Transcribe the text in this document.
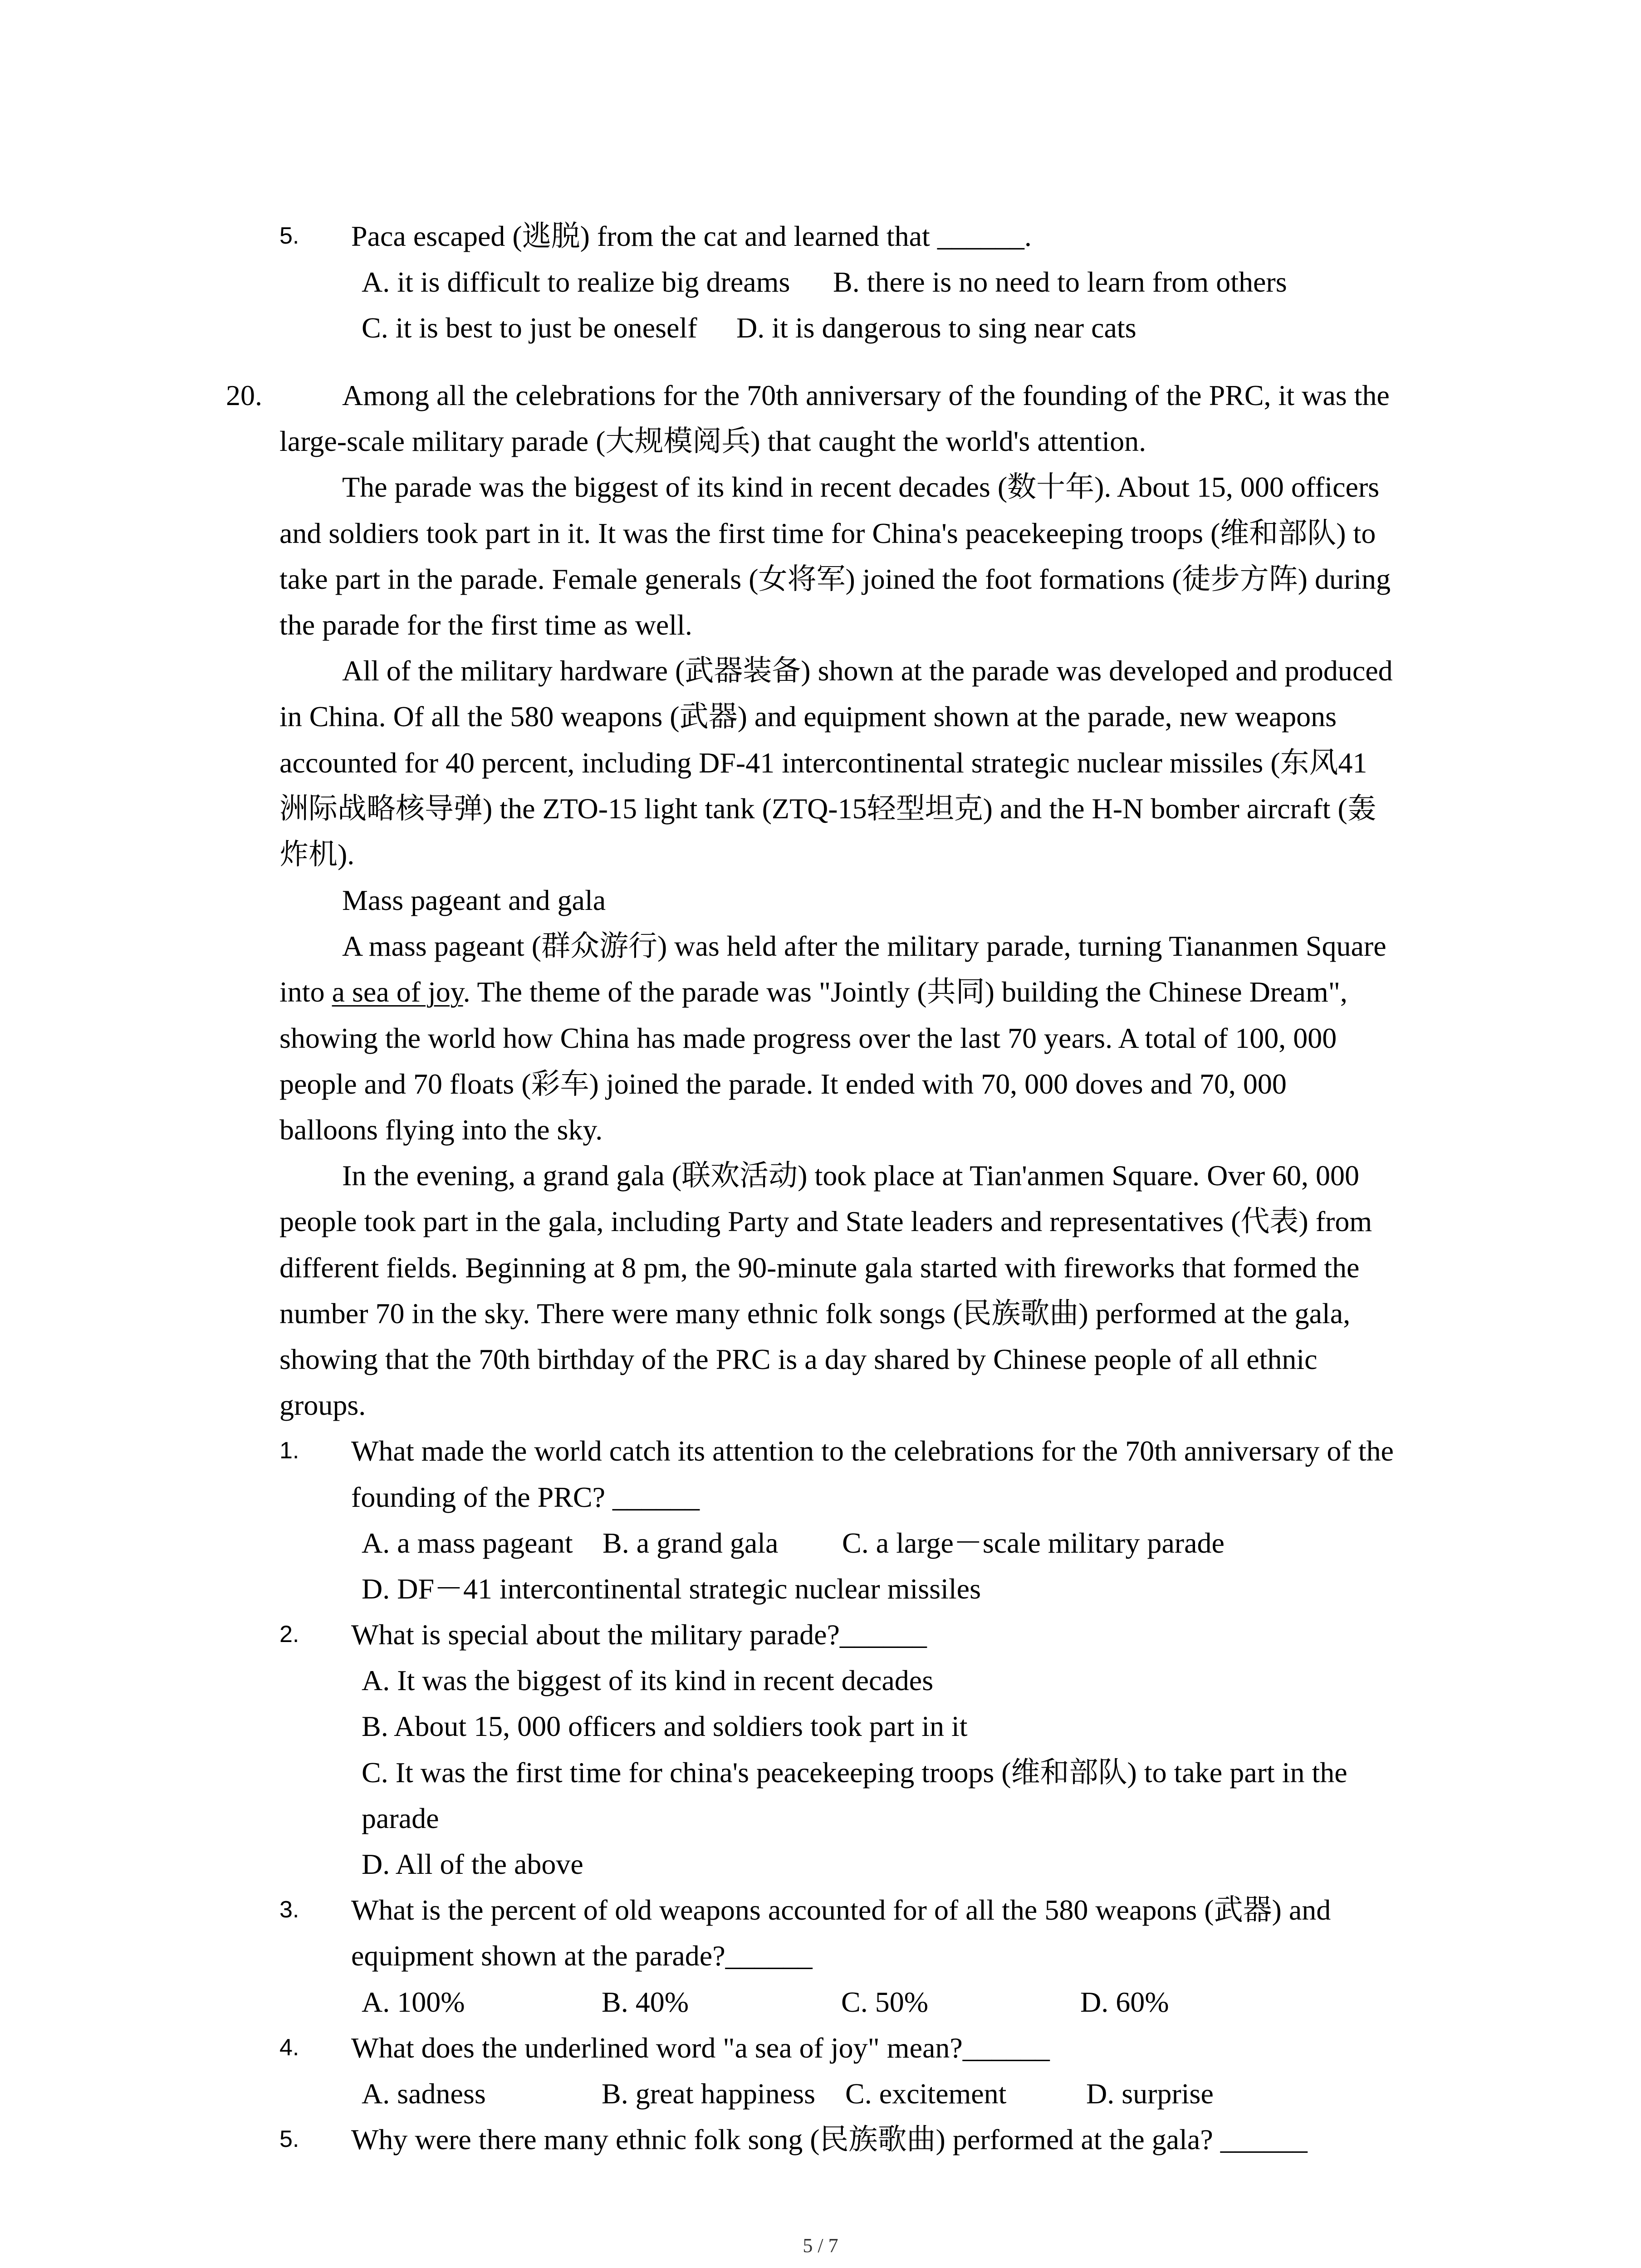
5. Paca escaped (逃脱) from the cat and learned that ______.
A. it is difficult to realize big dreams B. there is no need to learn from others
C. it is best to just be oneself D. it is dangerous to sing near cats
20.	Among all the celebrations for the 70th anniversary of the founding of the PRC, it was the
large-scale military parade (大规模阅兵) that caught the world's attention.
The parade was the biggest of its kind in recent decades (数十年). About 15, 000 officers
and soldiers took part in it. It was the first time for China's peacekeeping troops (维和部队) to
take part in the parade. Female generals (女将军) joined the foot formations (徒步方阵) during
the parade for the first time as well.
All of the military hardware (武器装备) shown at the parade was developed and produced
in China. Of all the 580 weapons (武器) and equipment shown at the parade, new weapons
accounted for 40 percent, including DF-41 intercontinental strategic nuclear missiles (东风41
洲际战略核导弹) the ZTO-15 light tank (ZTQ-15轻型坦克) and the H-N bomber aircraft (轰
炸机).
Mass pageant and gala
A mass pageant (群众游行) was held after the military parade, turning Tiananmen Square
into a sea of joy. The theme of the parade was "Jointly (共同) building the Chinese Dream",
showing the world how China has made progress over the last 70 years. A total of 100, 000
people and 70 floats (彩车) joined the parade. It ended with 70, 000 doves and 70, 000
balloons flying into the sky.
In the evening, a grand gala (联欢活动) took place at Tian'anmen Square. Over 60, 000
people took part in the gala, including Party and State leaders and representatives (代表) from
different fields. Beginning at 8 pm, the 90-minute gala started with fireworks that formed the
number 70 in the sky. There were many ethnic folk songs (民族歌曲) performed at the gala,
showing that the 70th birthday of the PRC is a day shared by Chinese people of all ethnic
groups.
1. What made the world catch its attention to the celebrations for the 70th anniversary of the
founding of the PRC? ______
A. a mass pageant B. a grand gala C. a large－scale military parade
D. DF－41 intercontinental strategic nuclear missiles
2. What is special about the military parade?______
A. It was the biggest of its kind in recent decades
B. About 15, 000 officers and soldiers took part in it
C. It was the first time for china's peacekeeping troops (维和部队) to take part in the
parade
D. All of the above
3. What is the percent of old weapons accounted for of all the 580 weapons (武器) and
equipment shown at the parade?______
A. 100%	B. 40%	C. 50%	D. 60%
4. What does the underlined word "a sea of joy" mean?______
A. sadness	B. great happiness C. excitement	D. surprise
5. Why were there many ethnic folk song (民族歌曲) performed at the gala? ______
5 / 7
